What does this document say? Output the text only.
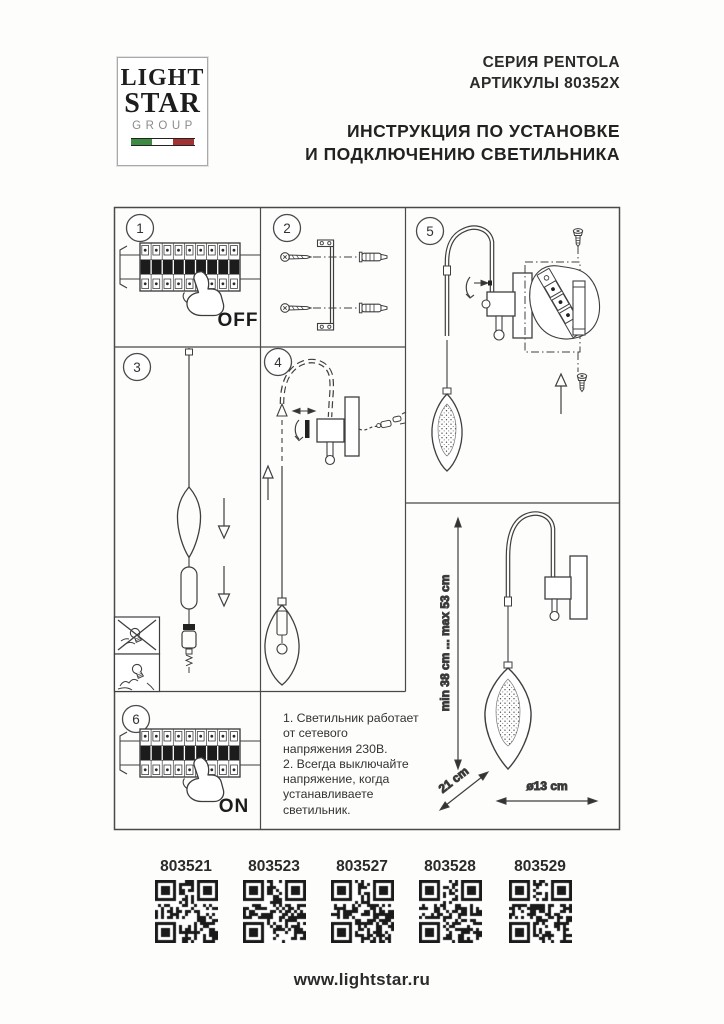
LIGHT
STAR
GROUP
СЕРИЯ PENTOLA
АРТИКУЛЫ 80352X
ИНСТРУКЦИЯ ПО УСТАНОВКЕ
И ПОДКЛЮЧЕНИЮ СВЕТИЛЬНИКА
1	2
3	4
5
6
OFF
ON
min 38 cm ... max 53 cm
21 cm	ø13 cm
1. Светильник работает
от сетевого
напряжения 230В.
2. Всегда выключайте
напряжение, когда
устанавливаете светильник.
803521	803523	803527	803528	803529
www.lightstar.ru
